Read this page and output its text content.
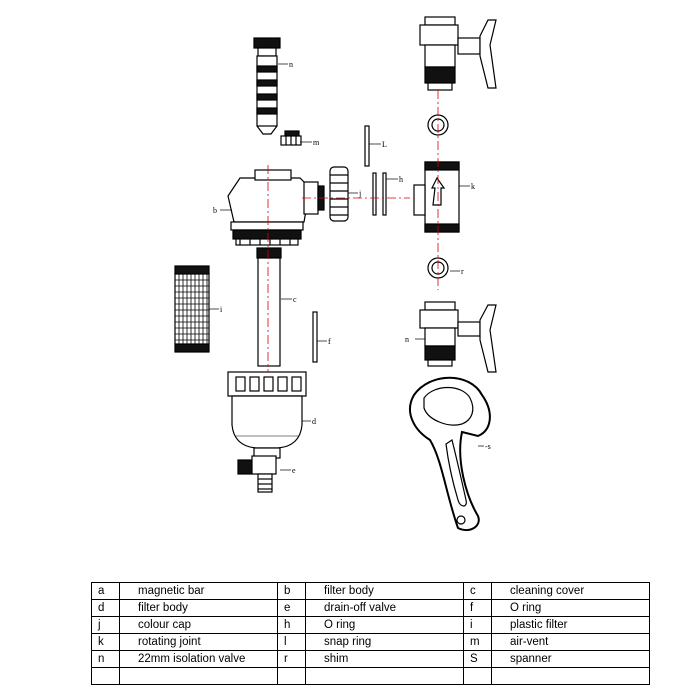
n
m	L
h
k
j
b
c
i
f
r
n
d
e
-s
a	magnetic bar	b	filter body	c	cleaning cover
d	filter body	e	drain-off valve	f	O ring
j	colour cap	h	O ring	i	plastic filter
k	rotating joint	l	snap ring	m	air-vent
n	22mm isolation valve	r	shim	S	spanner
